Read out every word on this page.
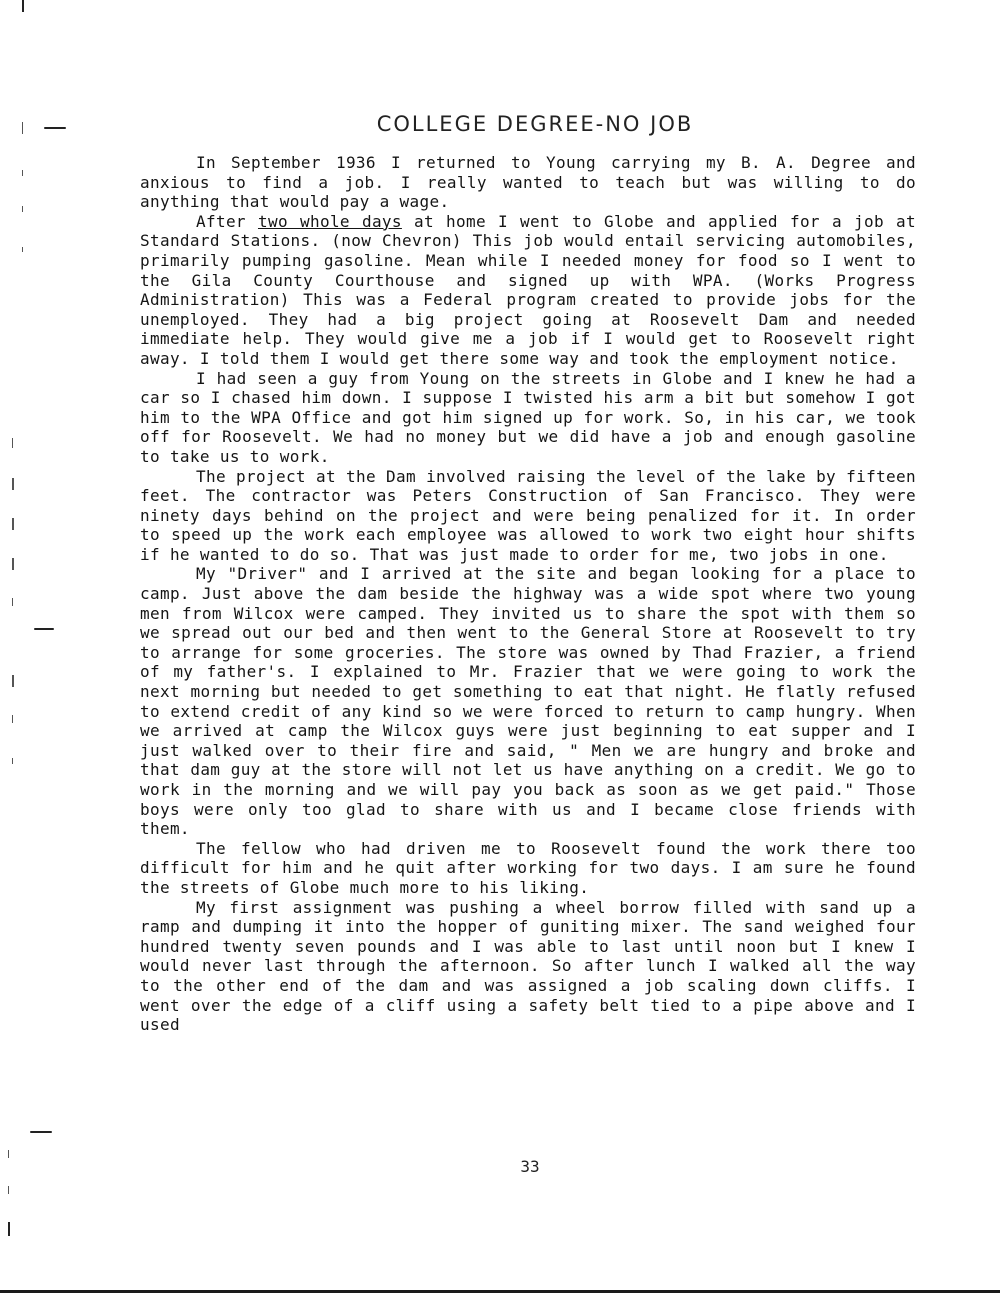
COLLEGE DEGREE-NO JOB

In September 1936 I returned to Young carrying my B. A. Degree and anxious to find a job. I really wanted to teach but was willing to do anything that would pay a wage.

After two whole days at home I went to Globe and applied for a job at Standard Stations. (now Chevron) This job would entail servicing automobiles, primarily pumping gasoline. Mean while I needed money for food so I went to the Gila County Courthouse and signed up with WPA. (Works Progress Administration) This was a Federal program created to provide jobs for the unemployed. They had a big project going at Roosevelt Dam and needed immediate help. They would give me a job if I would get to Roosevelt right away. I told them I would get there some way and took the employment notice.

I had seen a guy from Young on the streets in Globe and I knew he had a car so I chased him down. I suppose I twisted his arm a bit but somehow I got him to the WPA Office and got him signed up for work. So, in his car, we took off for Roosevelt. We had no money but we did have a job and enough gasoline to take us to work.

The project at the Dam involved raising the level of the lake by fifteen feet. The contractor was Peters Construction of San Francisco. They were ninety days behind on the project and were being penalized for it. In order to speed up the work each employee was allowed to work two eight hour shifts if he wanted to do so. That was just made to order for me, two jobs in one.

My "Driver" and I arrived at the site and began looking for a place to camp. Just above the dam beside the highway was a wide spot where two young men from Wilcox were camped. They invited us to share the spot with them so we spread out our bed and then went to the General Store at Roosevelt to try to arrange for some groceries. The store was owned by Thad Frazier, a friend of my father's. I explained to Mr. Frazier that we were going to work the next morning but needed to get something to eat that night. He flatly refused to extend credit of any kind so we were forced to return to camp hungry. When we arrived at camp the Wilcox guys were just beginning to eat supper and I just walked over to their fire and said, " Men we are hungry and broke and that dam guy at the store will not let us have anything on a credit. We go to work in the morning and we will pay you back as soon as we get paid." Those boys were only too glad to share with us and I became close friends with them.

The fellow who had driven me to Roosevelt found the work there too difficult for him and he quit after working for two days. I am sure he found the streets of Globe much more to his liking.

My first assignment was pushing a wheel borrow filled with sand up a ramp and dumping it into the hopper of guniting mixer. The sand weighed four hundred twenty seven pounds and I was able to last until noon but I knew I would never last through the afternoon. So after lunch I walked all the way to the other end of the dam and was assigned a job scaling down cliffs. I went over the edge of a cliff using a safety belt tied to a pipe above and I used

33
